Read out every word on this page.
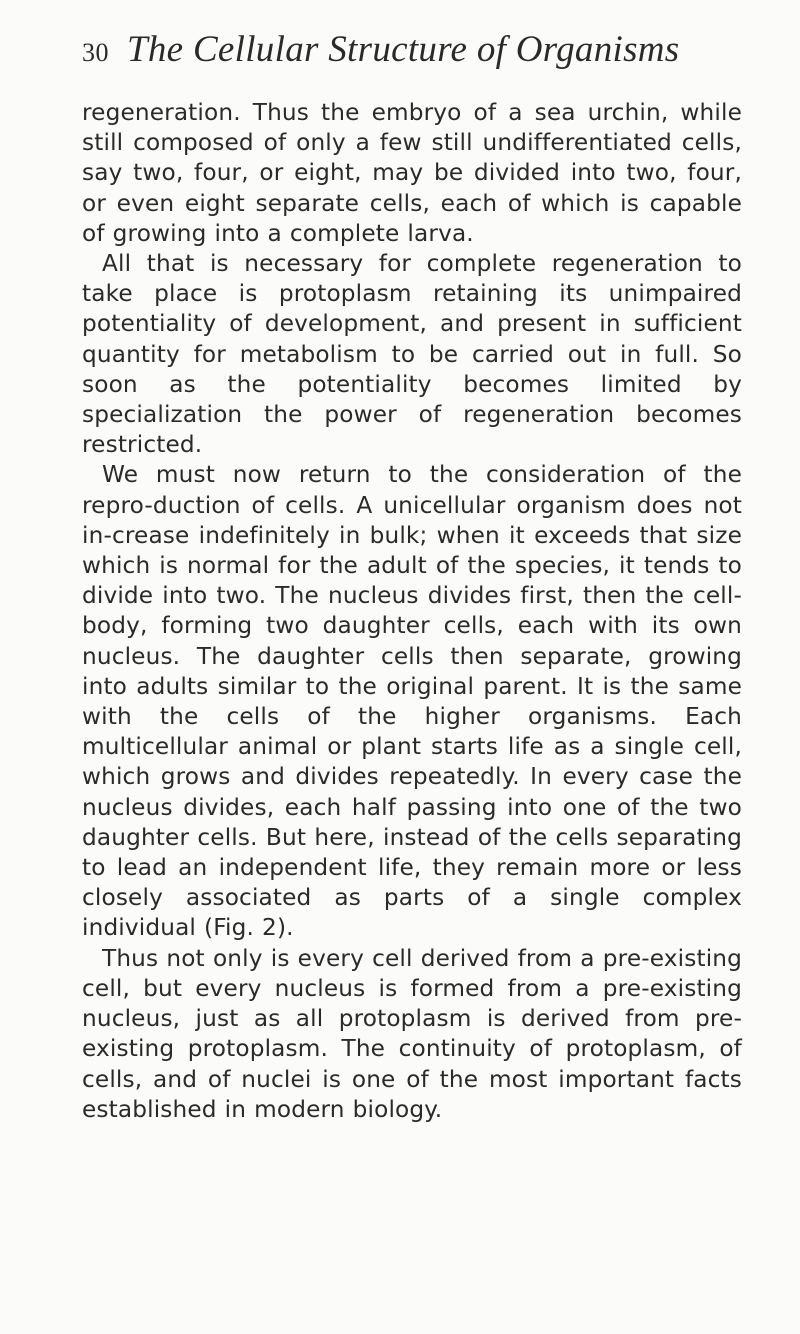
30 The Cellular Structure of Organisms

regeneration. Thus the embryo of a sea urchin, while still composed of only a few still undifferentiated cells, say two, four, or eight, may be divided into two, four, or even eight separate cells, each of which is capable of growing into a complete larva.

All that is necessary for complete regeneration to take place is protoplasm retaining its unimpaired potentiality of development, and present in sufficient quantity for metabolism to be carried out in full. So soon as the potentiality becomes limited by specialization the power of regeneration becomes restricted.

We must now return to the consideration of the repro-duction of cells. A unicellular organism does not in-crease indefinitely in bulk; when it exceeds that size which is normal for the adult of the species, it tends to divide into two. The nucleus divides first, then the cell-body, forming two daughter cells, each with its own nucleus. The daughter cells then separate, growing into adults similar to the original parent. It is the same with the cells of the higher organisms. Each multicellular animal or plant starts life as a single cell, which grows and divides repeatedly. In every case the nucleus divides, each half passing into one of the two daughter cells. But here, instead of the cells separating to lead an independent life, they remain more or less closely associated as parts of a single complex individual (Fig. 2).

Thus not only is every cell derived from a pre-existing cell, but every nucleus is formed from a pre-existing nucleus, just as all protoplasm is derived from pre-existing protoplasm. The continuity of protoplasm, of cells, and of nuclei is one of the most important facts established in modern biology.
